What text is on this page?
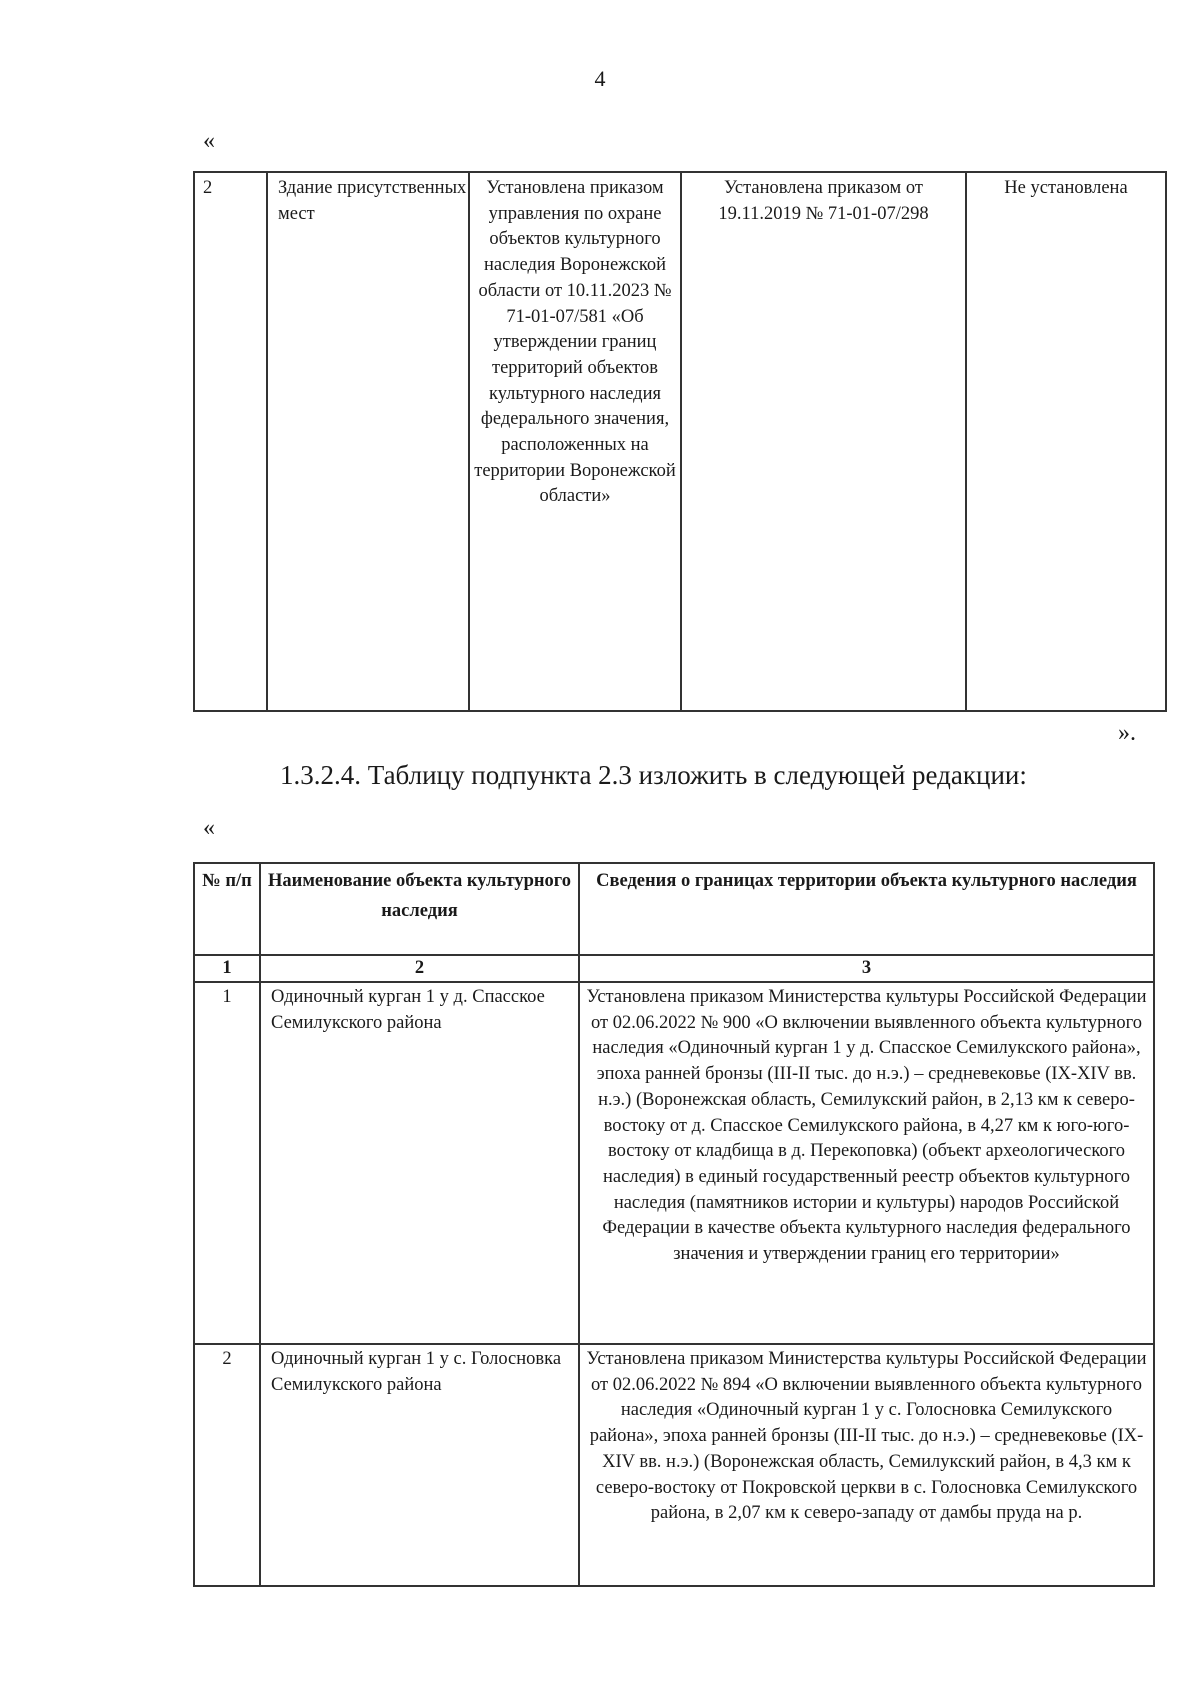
4
«
2	Здание присутственных мест	Установлена приказом управления по охране объектов культурного наследия Воронежской области от 10.11.2023 № 71-01-07/581 «Об утверждении границ территорий объектов культурного наследия федерального значения, расположенных на территории Воронежской области»	Установлена приказом от 19.11.2019 № 71-01-07/298	Не установлена
».
1.3.2.4. Таблицу подпункта 2.3 изложить в следующей редакции:
«
№ п/п	Наименование объекта культурного наследия	Сведения о границах территории объекта культурного наследия
1	2	3
1	Одиночный курган 1 у д. Спасское Семилукского района	Установлена приказом Министерства культуры Российской Федерации от 02.06.2022 № 900 «О включении выявленного объекта культурного наследия «Одиночный курган 1 у д. Спасское Семилукского района», эпоха ранней бронзы (III-II тыс. до н.э.) – средневековье (IX-XIV вв. н.э.) (Воронежская область, Семилукский район, в 2,13 км к северо-востоку от д. Спасское Семилукского района, в 4,27 км к юго-юго-востоку от кладбища в д. Перекоповка) (объект археологического наследия) в единый государственный реестр объектов культурного наследия (памятников истории и культуры) народов Российской Федерации в качестве объекта культурного наследия федерального значения и утверждении границ его территории»
2	Одиночный курган 1 у с. Голосновка Семилукского района	Установлена приказом Министерства культуры Российской Федерации от 02.06.2022 № 894 «О включении выявленного объекта культурного наследия «Одиночный курган 1 у с. Голосновка Семилукского района», эпоха ранней бронзы (III-II тыс. до н.э.) – средневековье (IX-XIV вв. н.э.) (Воронежская область, Семилукский район, в 4,3 км к северо-востоку от Покровской церкви в с. Голосновка Семилукского района, в 2,07 км к северо-западу от дамбы пруда на р.
